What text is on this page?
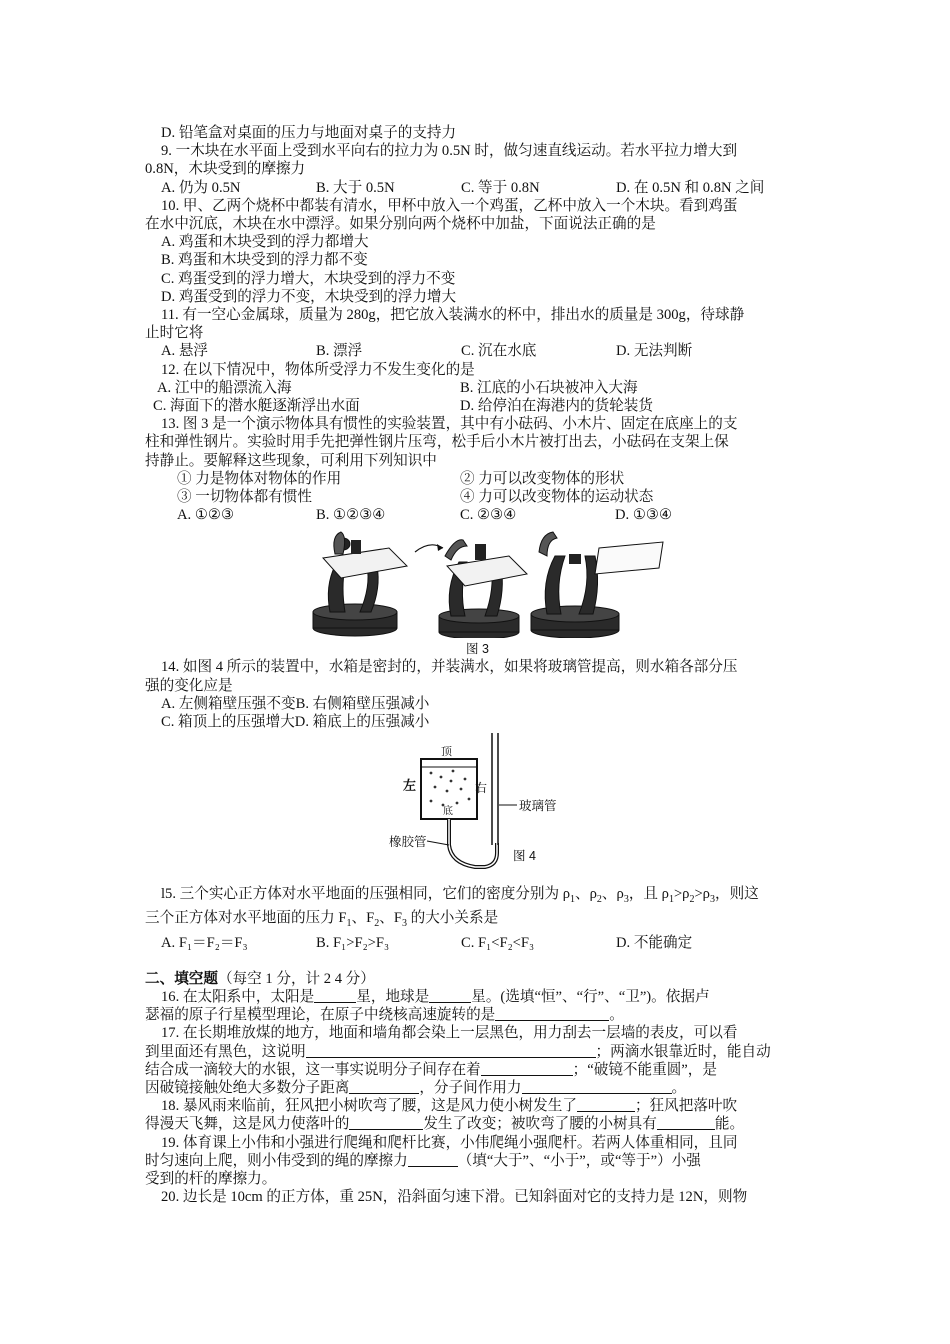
D. 铅笔盒对桌面的压力与地面对桌子的支持力
9. 一木块在水平面上受到水平向右的拉力为 0.5N 时，做匀速直线运动。若水平拉力增大到
0.8N，木块受到的摩擦力
A. 仍为 0.5N	B. 大于 0.5N	C. 等于 0.8N	D. 在 0.5N 和 0.8N 之间
10. 甲、乙两个烧杯中都装有清水，甲杯中放入一个鸡蛋，乙杯中放入一个木块。看到鸡蛋
在水中沉底，木块在水中漂浮。如果分别向两个烧杯中加盐，下面说法正确的是
A. 鸡蛋和木块受到的浮力都增大
B. 鸡蛋和木块受到的浮力都不变
C. 鸡蛋受到的浮力增大，木块受到的浮力不变
D. 鸡蛋受到的浮力不变，木块受到的浮力增大
11. 有一空心金属球，质量为 280g，把它放入装满水的杯中，排出水的质量是 300g，待球静
止时它将
A. 悬浮	B. 漂浮	C. 沉在水底	D. 无法判断
12. 在以下情况中，物体所受浮力不发生变化的是
A. 江中的船漂流入海	B. 江底的小石块被冲入大海
C. 海面下的潜水艇逐渐浮出水面	D. 给停泊在海港内的货轮装货
13. 图 3 是一个演示物体具有惯性的实验装置，其中有小砝码、小木片、固定在底座上的支
柱和弹性钢片。实验时用手先把弹性钢片压弯，松手后小木片被打出去，小砝码在支架上保
持静止。要解释这些现象，可利用下列知识中
① 力是物体对物体的作用	② 力可以改变物体的形状
③ 一切物体都有惯性	④ 力可以改变物体的运动状态
A. ①②③	B. ①②③④	C. ②③④	D. ①③④
图 3
14. 如图 4 所示的装置中，水箱是密封的，并装满水，如果将玻璃管提高，则水箱各部分压
强的变化应是
A. 左侧箱壁压强不变 B. 右侧箱壁压强减小
C. 箱顶上的压强增大 D. 箱底上的压强减小
顶
左	右
底	玻璃管
橡胶管
图 4
l5. 三个实心正方体对水平地面的压强相同，它们的密度分别为 $\rho_1$、$\rho_2$、$\rho_3$，且 $\rho_1>\rho_2>\rho_3$，则这
三个正方体对水平地面的压力 $F_1$、$F_2$、$F_3$ 的大小关系是
A. F₁＝F₂＝F₃	B. F₁>F₂>F₃	C. F₁<F₂<F₃	D. 不能确定
二、填空题（每空 1 分，计 2 4 分）
16. 在太阳系中，太阳是	星，地球是	星。(选填“恒”、“行”、“卫”)。依据卢
瑟福的原子行星模型理论，在原子中绕核高速旋转的是	。
17. 在长期堆放煤的地方，地面和墙角都会染上一层黑色，用力刮去一层墙的表皮，可以看
到里面还有黑色，这说明	；两滴水银靠近时，能自动
结合成一滴较大的水银，这一事实说明分子间存在着	；“破镜不能重圆”，是
因破镜接触处绝大多数分子距离	，分子间作用力	。
18. 暴风雨来临前，狂风把小树吹弯了腰，这是风力使小树发生了	；狂风把落叶吹
得漫天飞舞，这是风力使落叶的	发生了改变；被吹弯了腰的小树具有	能。
19. 体育课上小伟和小强进行爬绳和爬杆比赛，小伟爬绳小强爬杆。若两人体重相同，且同
时匀速向上爬，则小伟受到的绳的摩擦力	（填“大于”、“小于”，或“等于”）小强
受到的杆的摩擦力。
20. 边长是 10cm 的正方体，重 25N，沿斜面匀速下滑。已知斜面对它的支持力是 12N，则物
